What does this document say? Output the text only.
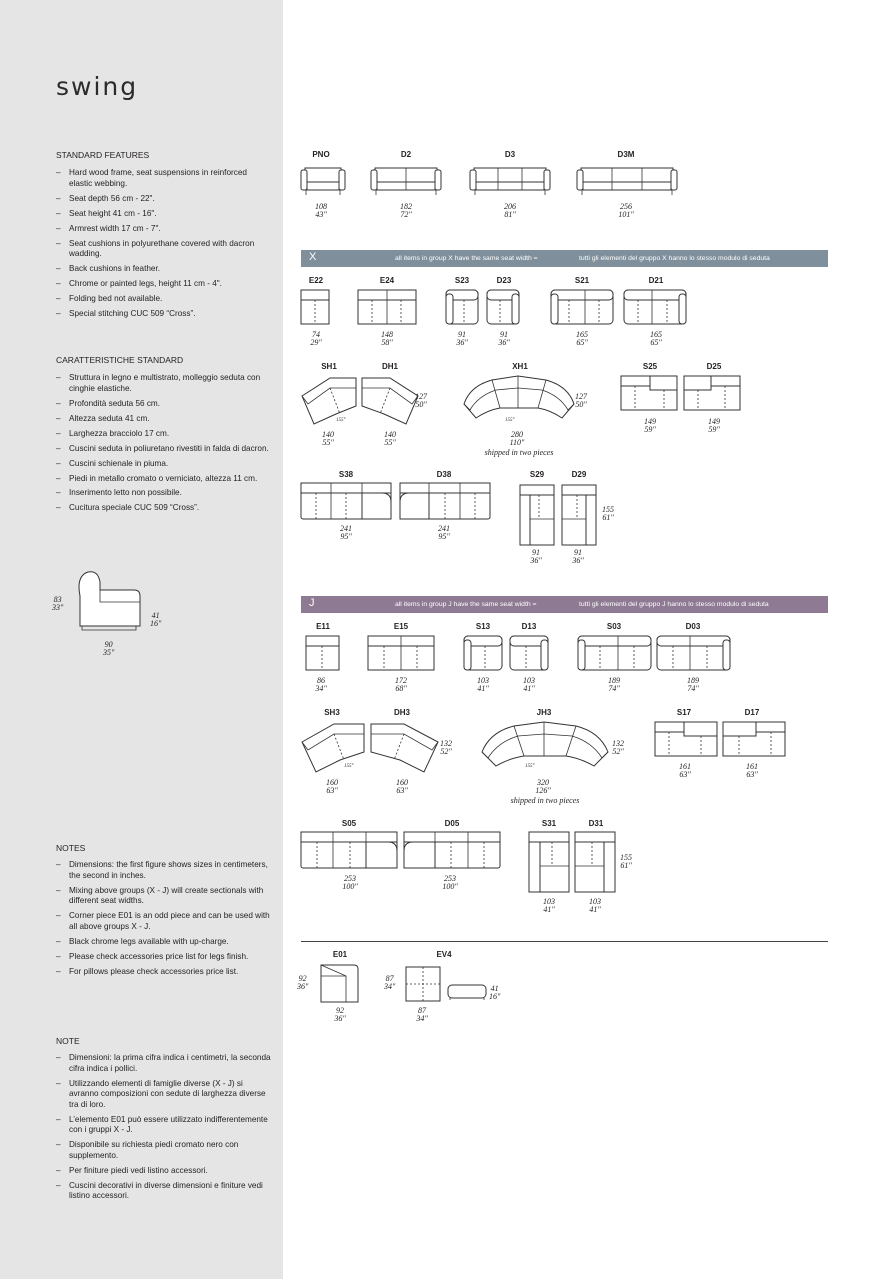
swing
STANDARD FEATURES
– Hard wood frame, seat suspensions in reinforced elastic webbing.
– Seat depth 56 cm - 22".
– Seat height 41 cm - 16".
– Armrest width 17 cm - 7".
– Seat cushions in polyurethane covered with dacron wadding.
– Back cushions in feather.
– Chrome or painted legs, height 11 cm - 4".
– Folding bed not available.
– Special stitching CUC 509 “Cross”.
CARATTERISTICHE STANDARD
– Struttura in legno e multistrato, molleggio seduta con cinghie elastiche.
– Profondità seduta 56 cm.
– Altezza seduta 41 cm.
– Larghezza bracciolo 17 cm.
– Cuscini seduta in poliuretano rivestiti in falda di dacron.
– Cuscini schienale in piuma.
– Piedi in metallo cromato o verniciato, altezza 11 cm.
– Inserimento letto non possibile.
– Cucitura speciale CUC 509 “Cross”.
83
33"
41
16"
90
35"
NOTES
– Dimensions: the first figure shows sizes in centimeters, the second in inches.
– Mixing above groups (X - J) will create sectionals with different seat widths.
– Corner piece E01 is an odd piece and can be used with all above groups X - J.
– Black chrome legs available with up-charge.
– Please check accessories price list for legs finish.
– For pillows please check accessories price list.
NOTE
– Dimensioni: la prima cifra indica i centimetri, la seconda cifra indica i pollici.
– Utilizzando elementi di famiglie diverse (X - J) si avranno composizioni con sedute di larghezza diverse tra di loro.
– L’elemento E01 può essere utilizzato indifferentemente con i gruppi X - J.
– Disponibile su richiesta piedi cromato nero con supplemento.
– Per finiture piedi vedi listino accessori.
– Cuscini decorativi in diverse dimensioni e finiture vedi listino accessori.
PNO	D2	D3	D3M
108
43"
182
72"
206
81"
256
101"
X	all items in group X have the same seat width =	tutti gli elementi del gruppo X hanno lo stesso modulo di seduta
E22	E24	S23	D23	S21	D21
74
29"
148
58"
91
36"
91
36"
165
65"
165
65"
SH1	DH1	XH1	S25	D25
155°	155°
127
50"
127
50"
140
55"
140
55"
280
110"
shipped in two pieces
149
59"
149
59"
S38	D38	S29	D29
155
61"
241
95"
241
95"
91
36"
91
36"
J	all items in group J have the same seat width =	tutti gli elementi del gruppo J hanno lo stesso modulo di seduta
E11	E15	S13	D13	S03	D03
86
34"
172
68"
103
41"
103
41"
189
74"
189
74"
SH3	DH3	JH3	S17	D17
155°	155°
132
52"
132
52"
160
63"
160
63"
320
126"
shipped in two pieces
161
63"
161
63"
S05	D05	S31	D31
155
61"
253
100"
253
100"
103
41"
103
41"
E01	EV4
92
36"
87
34"	41
16"
92
36"
87
34"
